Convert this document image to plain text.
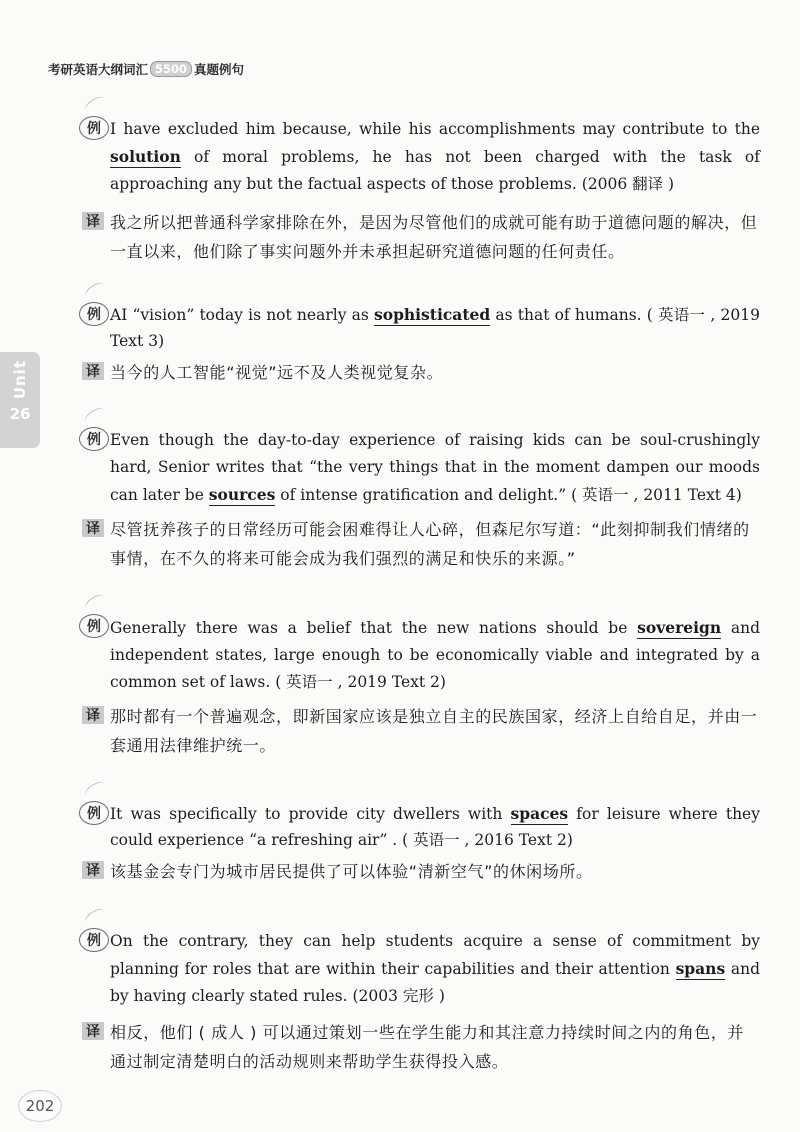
考研英语大纲词汇 5500 真题例句
Unit
26
例 I have excluded him because, while his accomplishments may contribute to the solution of moral problems, he has not been charged with the task of approaching any but the factual aspects of those problems. (2006 翻译 )
译 我之所以把普通科学家排除在外，是因为尽管他们的成就可能有助于道德问题的解决，但一直以来，他们除了事实问题外并未承担起研究道德问题的任何责任。
例 AI “vision” today is not nearly as sophisticated as that of humans. ( 英语一 , 2019 Text 3)
译 当今的人工智能“视觉”远不及人类视觉复杂。
例 Even though the day-to-day experience of raising kids can be soul-crushingly hard, Senior writes that “the very things that in the moment dampen our moods can later be sources of intense gratification and delight.” ( 英语一 , 2011 Text 4)
译 尽管抚养孩子的日常经历可能会困难得让人心碎，但森尼尔写道：“此刻抑制我们情绪的事情，在不久的将来可能会成为我们强烈的满足和快乐的来源。”
例 Generally there was a belief that the new nations should be sovereign and independent states, large enough to be economically viable and integrated by a common set of laws. ( 英语一 , 2019 Text 2)
译 那时都有一个普遍观念，即新国家应该是独立自主的民族国家，经济上自给自足，并由一套通用法律维护统一。
例 It was specifically to provide city dwellers with spaces for leisure where they could experience “a refreshing air” . ( 英语一 , 2016 Text 2)
译 该基金会专门为城市居民提供了可以体验“清新空气”的休闲场所。
例 On the contrary, they can help students acquire a sense of commitment by planning for roles that are within their capabilities and their attention spans and by having clearly stated rules. (2003 完形 )
译 相反，他们 ( 成人 ) 可以通过策划一些在学生能力和其注意力持续时间之内的角色，并通过制定清楚明白的活动规则来帮助学生获得投入感。
202
